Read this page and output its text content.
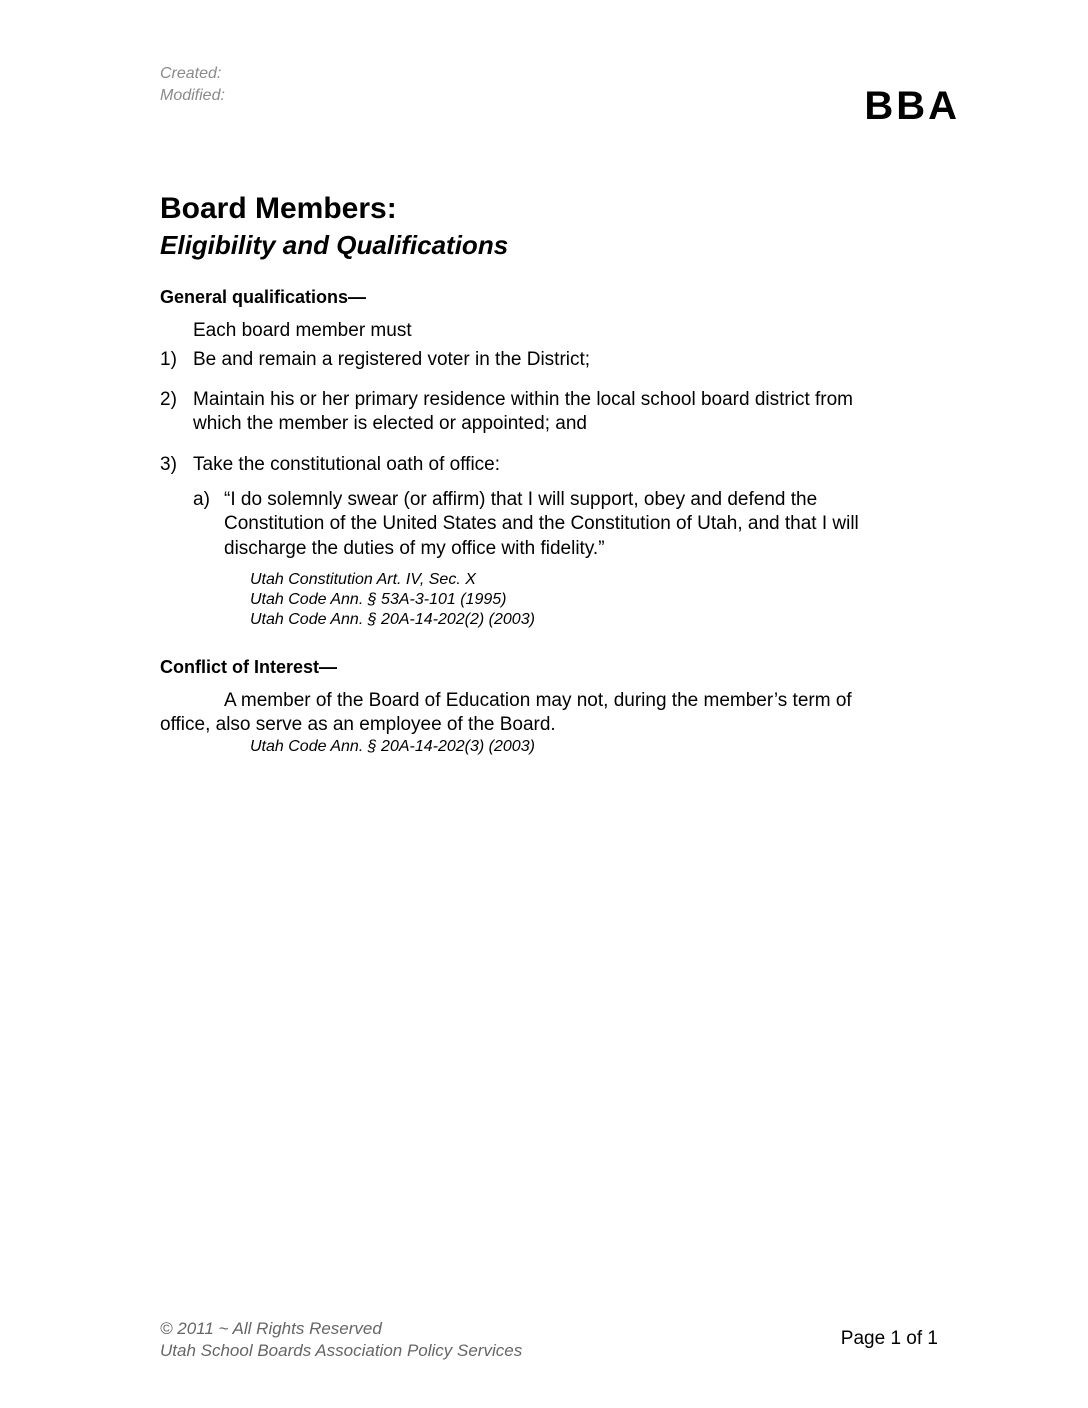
Created:
Modified:	BBA
Board Members:
Eligibility and Qualifications
General qualifications—
Each board member must
1) Be and remain a registered voter in the District;
2) Maintain his or her primary residence within the local school board district from
which the member is elected or appointed; and
3) Take the constitutional oath of office:
a) “I do solemnly swear (or affirm) that I will support, obey and defend the
Constitution of the United States and the Constitution of Utah, and that I will
discharge the duties of my office with fidelity.”
Utah Constitution Art. IV, Sec. X
Utah Code Ann. § 53A-3-101 (1995)
Utah Code Ann. § 20A-14-202(2) (2003)
Conflict of Interest—
A member of the Board of Education may not, during the member’s term of
office, also serve as an employee of the Board.
Utah Code Ann. § 20A-14-202(3) (2003)
© 2011 ~ All Rights Reserved
Utah School Boards Association Policy Services
Page 1 of 1
